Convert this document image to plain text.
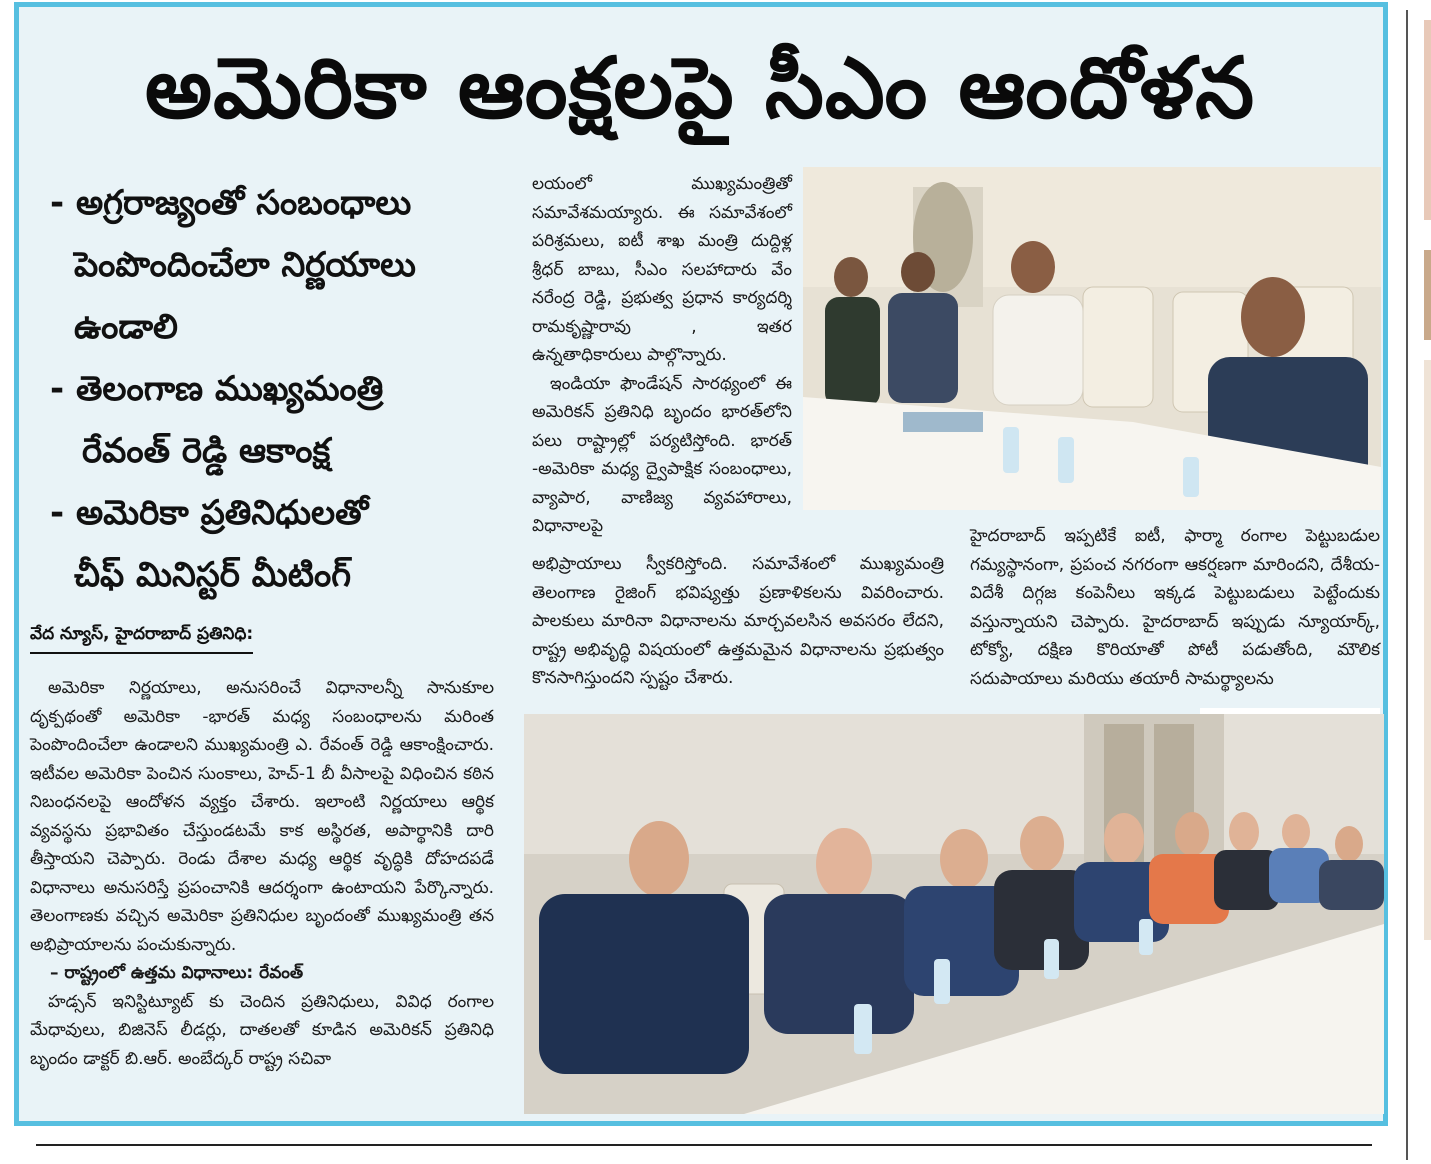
అమెరికా ఆంక్షలపై సీఎం ఆందోళన
- అగ్రరాజ్యంతో సంబంధాలు
పెంపొందించేలా నిర్ణయాలు
ఉండాలి
- తెలంగాణ ముఖ్యమంత్రి
రేవంత్ రెడ్డి ఆకాంక్ష
- అమెరికా ప్రతినిధులతో
చీఫ్ మినిస్టర్ మీటింగ్
వేద న్యూస్, హైదరాబాద్ ప్రతినిధి:

అమెరికా నిర్ణయాలు, అనుసరించే విధానాలన్నీ సానుకూల దృక్పథంతో అమెరికా -భారత్ మధ్య సంబంధాలను మరింత పెంపొందించేలా ఉండాలని ముఖ్యమంత్రి ఎ. రేవంత్ రెడ్డి ఆకాంక్షించారు. ఇటీవల అమెరికా పెంచిన సుంకాలు, హెచ్-1 బీ వీసాలపై విధించిన కఠిన నిబంధనలపై ఆందోళన వ్యక్తం చేశారు. ఇలాంటి నిర్ణయాలు ఆర్థిక వ్యవస్థను ప్రభావితం చేస్తుండటమే కాక అస్థిరత, అపార్థానికి దారి తీస్తాయని చెప్పారు. రెండు దేశాల మధ్య ఆర్థిక వృద్ధికి దోహదపడే విధానాలు అనుసరిస్తే ప్రపంచానికి ఆదర్శంగా ఉంటాయని పేర్కొన్నారు. తెలంగాణకు వచ్చిన అమెరికా ప్రతినిధుల బృందంతో ముఖ్యమంత్రి తన అభిప్రాయాలను పంచుకున్నారు.

– రాష్ట్రంలో ఉత్తమ విధానాలు: రేవంత్

హడ్సన్ ఇనిస్టిట్యూట్ కు చెందిన ప్రతినిధులు, వివిధ రంగాల మేధావులు, బిజినెస్ లీడర్లు, దాతలతో కూడిన అమెరికన్ ప్రతినిధి బృందం డాక్టర్ బి.ఆర్. అంబేద్కర్ రాష్ట్ర సచివా

లయంలో ముఖ్యమంత్రితో సమావేశమయ్యారు. ఈ సమావేశంలో పరిశ్రమలు, ఐటీ శాఖ మంత్రి దుద్దిళ్ల శ్రీధర్ బాబు, సీఎం సలహాదారు వేం నరేంద్ర రెడ్డి, ప్రభుత్వ ప్రధాన కార్యదర్శి రామకృష్ణారావు , ఇతర ఉన్నతాధికారులు పాల్గొన్నారు.

ఇండియా ఫౌండేషన్ సారథ్యంలో ఈ అమెరికన్ ప్రతినిధి బృందం భారత్‌లోని పలు రాష్ట్రాల్లో పర్యటిస్తోంది. భారత్ -అమెరికా మధ్య ద్వైపాక్షిక సంబంధాలు, వ్యాపార, వాణిజ్య వ్యవహారాలు, విధానాలపై

అభిప్రాయాలు స్వీకరిస్తోంది. సమావేశంలో ముఖ్యమంత్రి తెలంగాణ రైజింగ్ భవిష్యత్తు ప్రణాళికలను వివరించారు. పాలకులు మారినా విధానాలను మార్చవలసిన అవసరం లేదని, రాష్ట్ర అభివృద్ధి విషయంలో ఉత్తమమైన విధానాలను ప్రభుత్వం కొనసాగిస్తుందని స్పష్టం చేశారు.
హైదరాబాద్ ఇప్పటికే ఐటీ, ఫార్మా రంగాల పెట్టుబడుల గమ్యస్థానంగా, ప్రపంచ నగరంగా ఆకర్షణగా మారిందని, దేశీయ-విదేశీ దిగ్గజ కంపెనీలు ఇక్కడ పెట్టుబడులు పెట్టేందుకు వస్తున్నాయని చెప్పారు. హైదరాబాద్ ఇప్పుడు న్యూయార్క్, టోక్యో, దక్షిణ కొరియాతో పోటీ పడుతోంది, మౌలిక సదుపాయాలు మరియు తయారీ సామర్థ్యాలను
